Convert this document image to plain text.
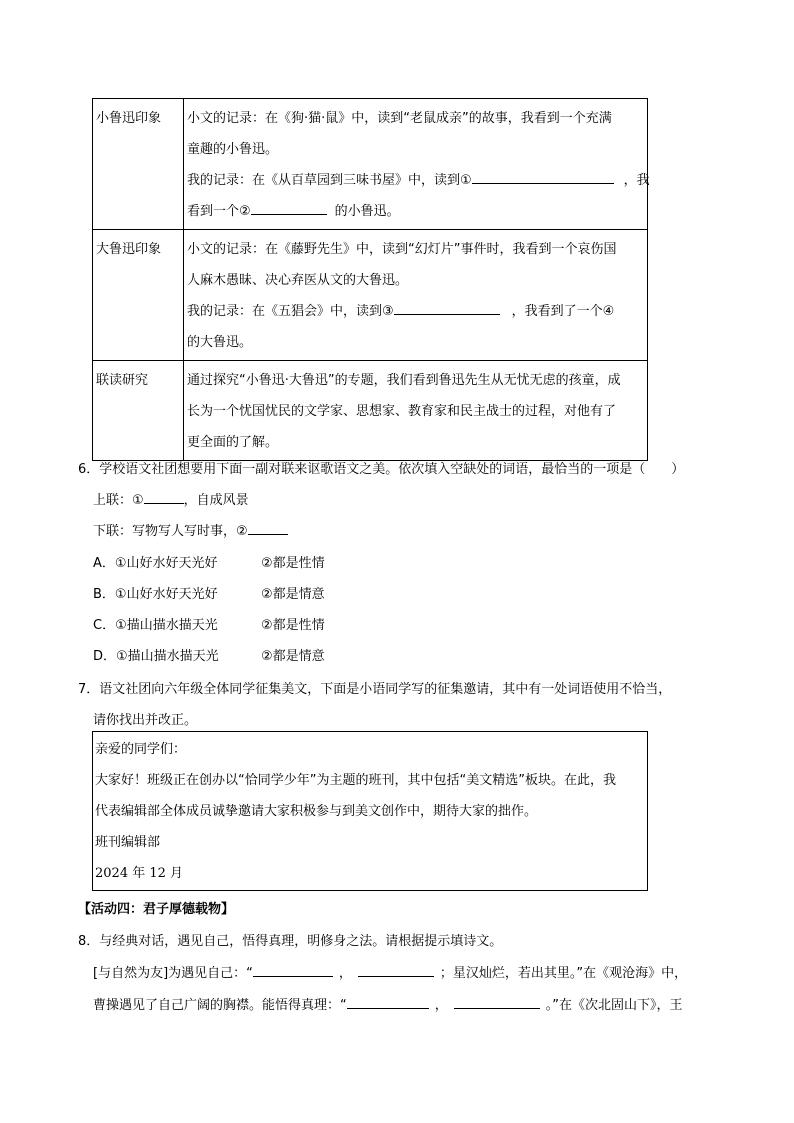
小鲁迅印象	小文的记录：在《狗·猫·鼠》中，读到“老鼠成亲”的故事，我看到一个充满
童趣的小鲁迅。
我的记录：在《从百草园到三味书屋》中，读到① ，我
看到一个② 的小鲁迅。

大鲁迅印象	小文的记录：在《藤野先生》中，读到“幻灯片”事件时，我看到一个哀伤国
人麻木愚昧、决心弃医从文的大鲁迅。
我的记录：在《五猖会》中，读到③ ，我看到了一个④
的大鲁迅。

联读研究	通过探究“小鲁迅·大鲁迅”的专题，我们看到鲁迅先生从无忧无虑的孩童，成
长为一个忧国忧民的文学家、思想家、教育家和民主战士的过程，对他有了
更全面的了解。
6．学校语文社团想要用下面一副对联来讴歌语文之美。依次填入空缺处的词语，最恰当的一项是（　　）
上联：①	，自成风景
下联：写物写人写时事，②
A．①山好水好天光好	②都是性情
B．①山好水好天光好	②都是情意
C．①描山描水描天光	②都是性情
D．①描山描水描天光	②都是情意
7．语文社团向六年级全体同学征集美文，下面是小语同学写的征集邀请，其中有一处词语使用不恰当，
请你找出并改正。
亲爱的同学们：
大家好！班级正在创办以“恰同学少年”为主题的班刊，其中包括“美文精选”板块。在此，我
代表编辑部全体成员诚挚邀请大家积极参与到美文创作中，期待大家的拙作。
班刊编辑部
2024 年 12 月
【活动四：君子厚德载物】
8．与经典对话，遇见自己，悟得真理，明修身之法。请根据提示填诗文。
[与自然为友]为遇见自己：“	，	；星汉灿烂，若出其里。”在《观沧海》中，
曹操遇见了自己广阔的胸襟。能悟得真理：“	，	。”在《次北固山下》，王
